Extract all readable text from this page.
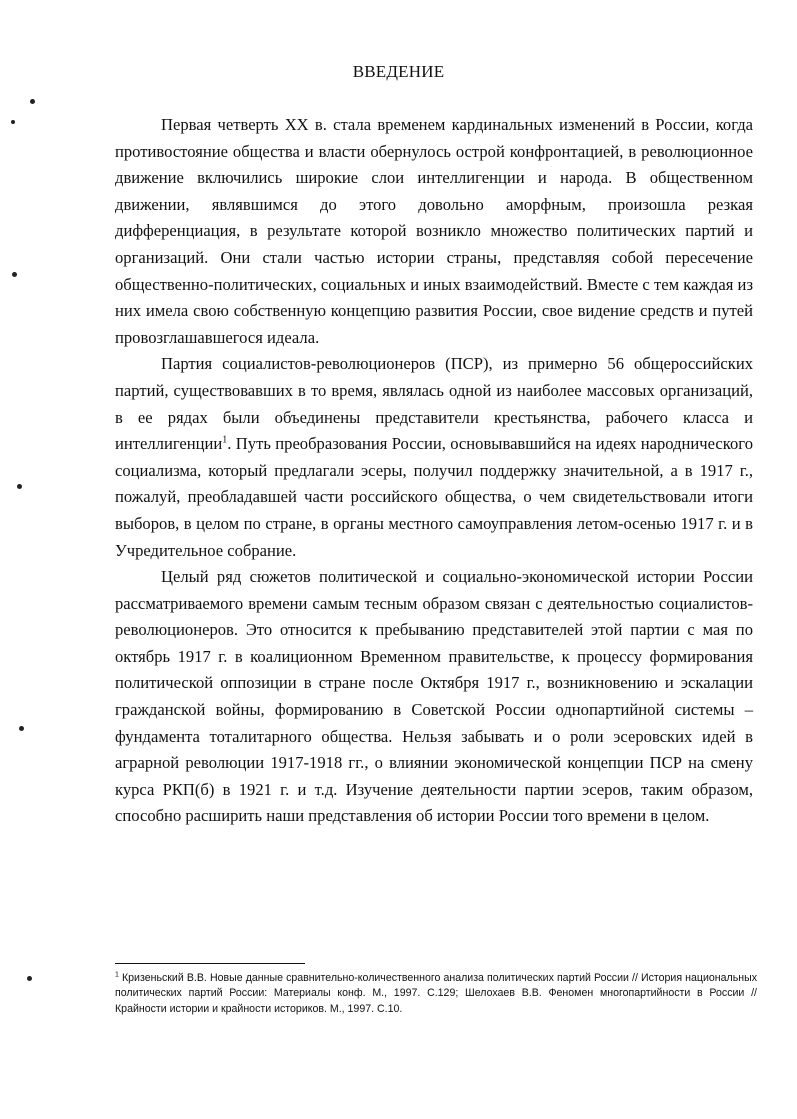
ВВЕДЕНИЕ

Первая четверть XX в. стала временем кардинальных изменений в России, когда противостояние общества и власти обернулось острой конфронтацией, в революционное движение включились широкие слои интеллигенции и народа. В общественном движении, являвшимся до этого довольно аморфным, произошла резкая дифференциация, в результате которой возникло множество политических партий и организаций. Они стали частью истории страны, представляя собой пересечение общественно-политических, социальных и иных взаимодействий. Вместе с тем каждая из них имела свою собственную концепцию развития России, свое видение средств и путей провозглашавшегося идеала.

Партия социалистов-революционеров (ПСР), из примерно 56 общероссийских партий, существовавших в то время, являлась одной из наиболее массовых организаций, в ее рядах были объединены представители крестьянства, рабочего класса и интеллигенции$^1$. Путь преобразования России, основывавшийся на идеях народнического социализма, который предлагали эсеры, получил поддержку значительной, а в 1917 г., пожалуй, преобладавшей части российского общества, о чем свидетельствовали итоги выборов, в целом по стране, в органы местного самоуправления летом-осенью 1917 г. и в Учредительное собрание.

Целый ряд сюжетов политической и социально-экономической истории России рассматриваемого времени самым тесным образом связан с деятельностью социалистов-революционеров. Это относится к пребыванию представителей этой партии с мая по октябрь 1917 г. в коалиционном Временном правительстве, к процессу формирования политической оппозиции в стране после Октября 1917 г., возникновению и эскалации гражданской войны, формированию в Советской России однопартийной системы – фундамента тоталитарного общества. Нельзя забывать и о роли эсеровских идей в аграрной революции 1917-1918 гг., о влиянии экономической концепции ПСР на смену курса РКП(б) в 1921 г. и т.д. Изучение деятельности партии эсеров, таким образом, способно расширить наши представления об истории России того времени в целом.

$^1$ Кризеньский В.В. Новые данные сравнительно-количественного анализа политических партий России // История национальных политических партий России: Материалы конф. М., 1997. С.129; Шелохаев В.В. Феномен многопартийности в России // Крайности истории и крайности историков. М., 1997. С.10.
